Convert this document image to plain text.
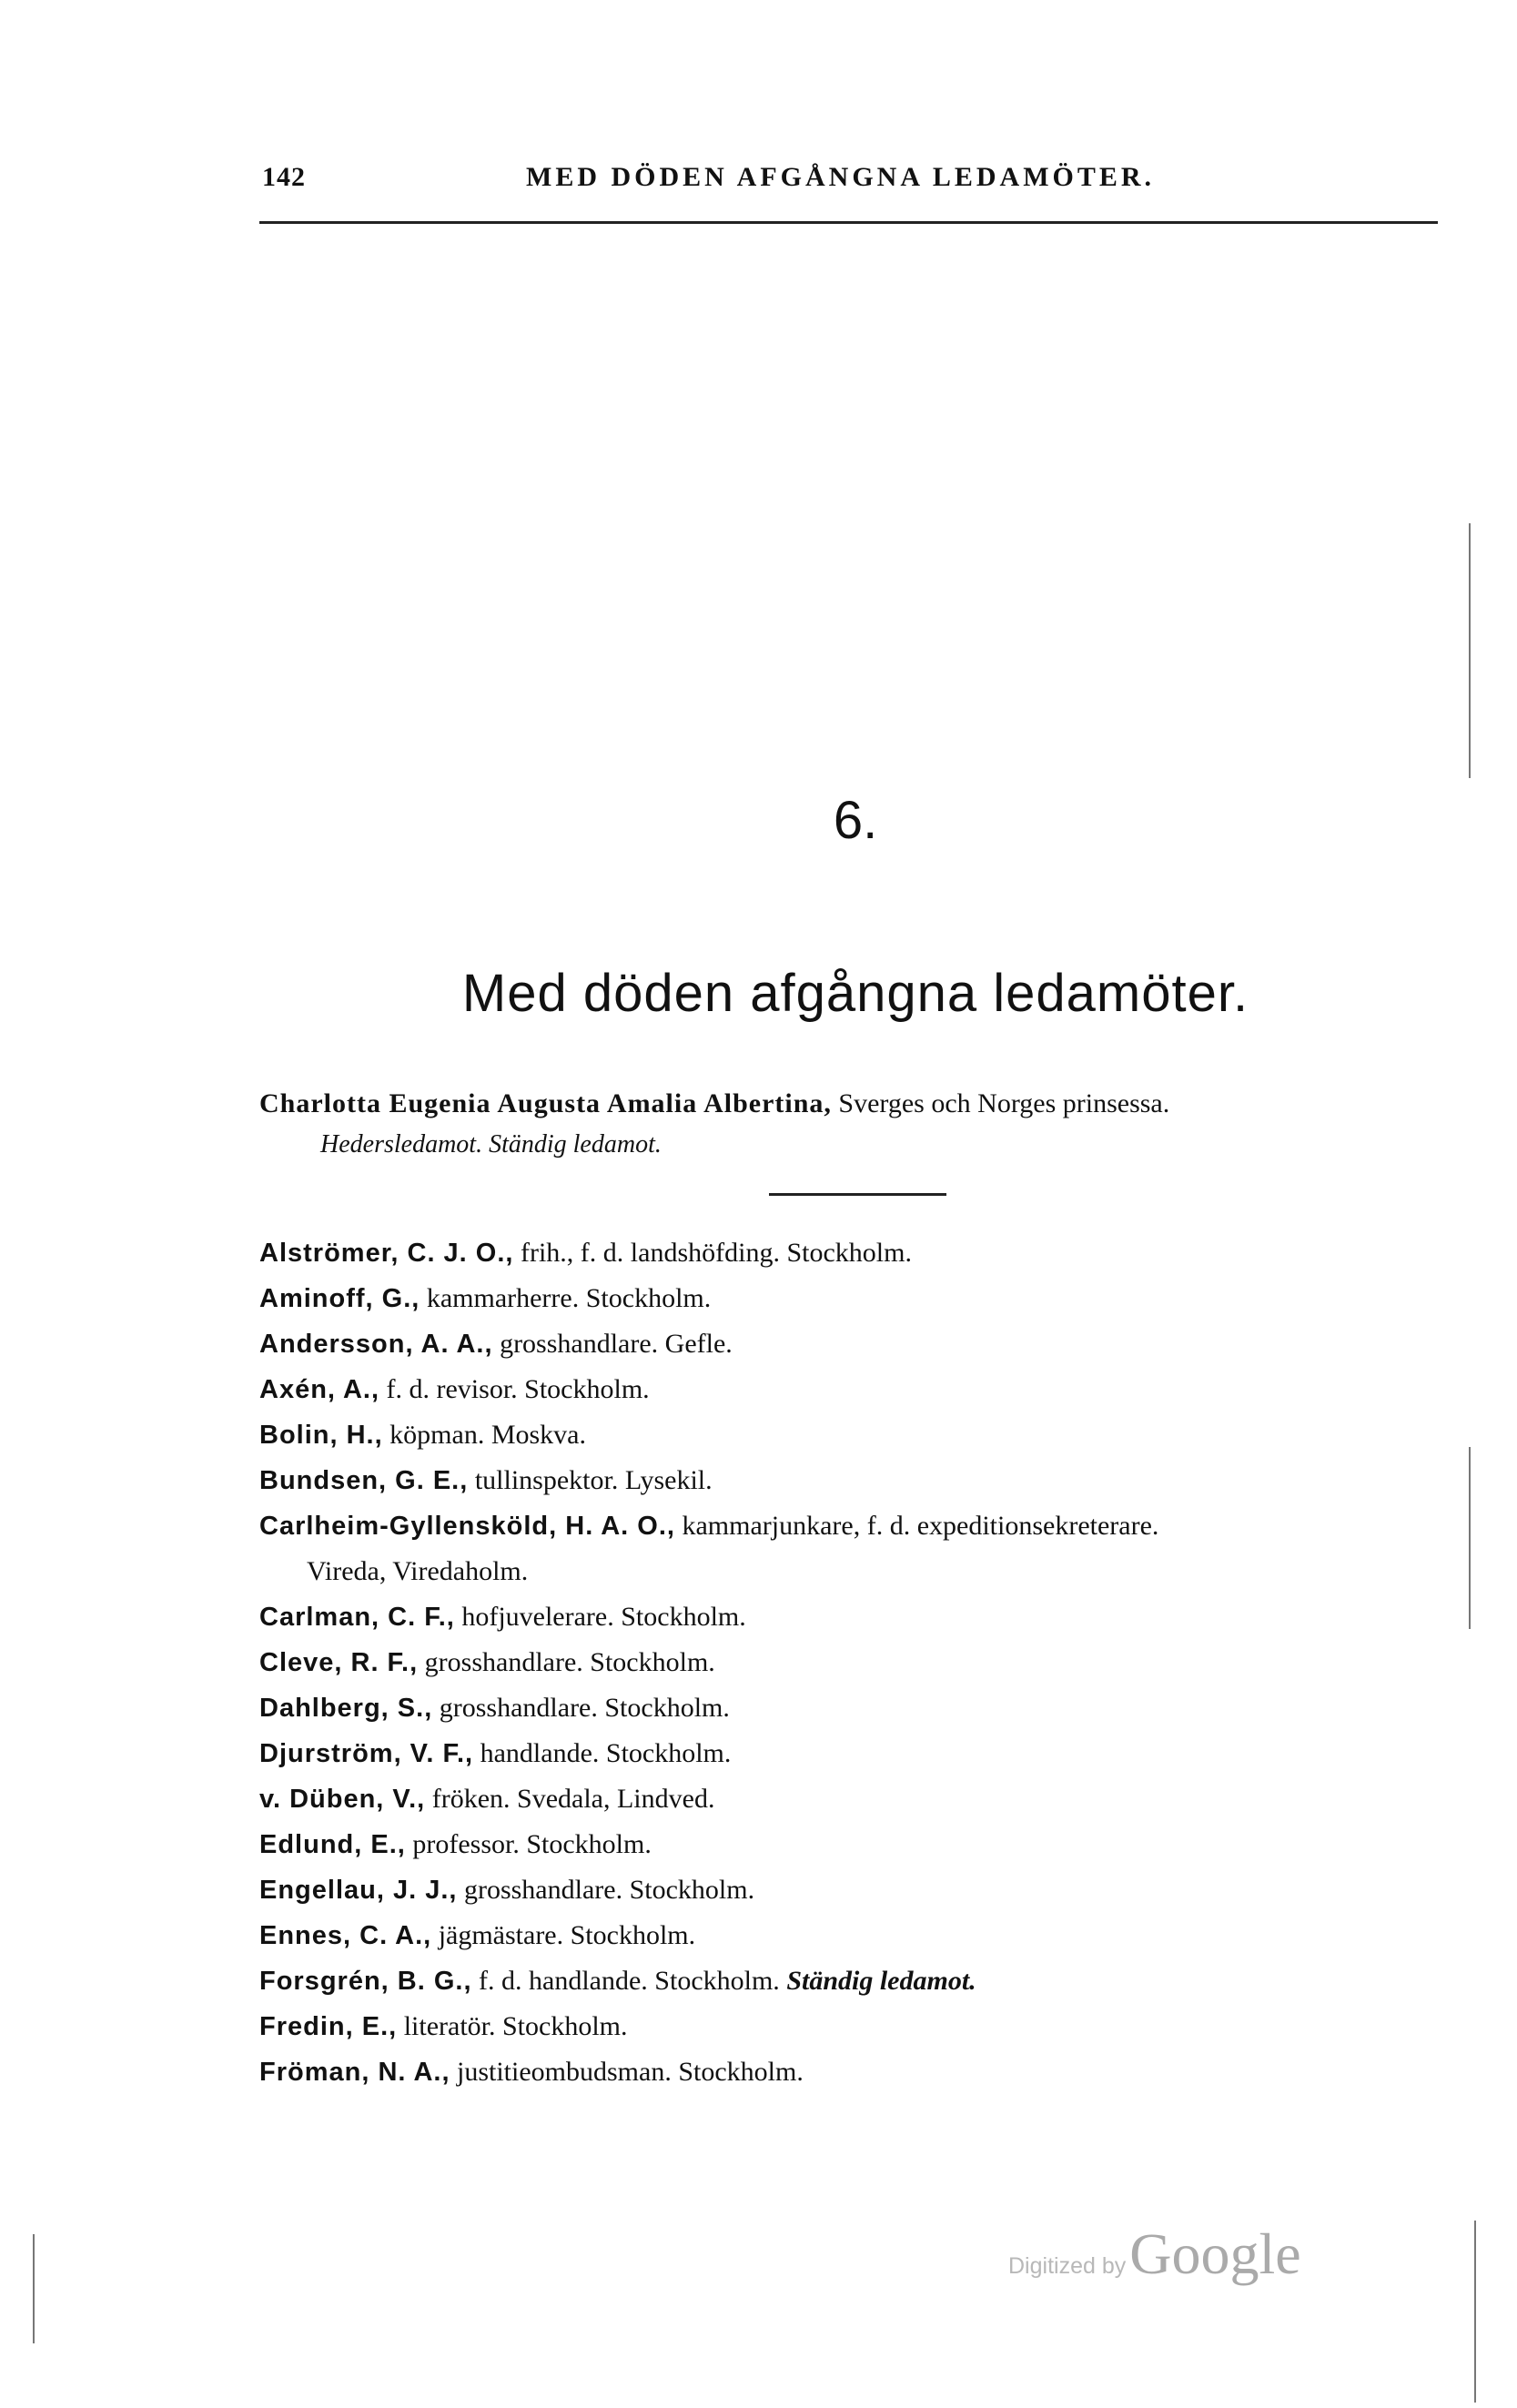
142	MED DÖDEN AFGÅNGNA LEDAMÖTER.
6.
Med döden afgångna ledamöter.
Charlotta Eugenia Augusta Amalia Albertina, Sverges och Norges prinsessa.
Hedersledamot. Ständig ledamot.
Alströmer, C. J. O., frih., f. d. landshöfding. Stockholm.
Aminoff, G., kammarherre. Stockholm.
Andersson, A. A., grosshandlare. Gefle.
Axén, A., f. d. revisor. Stockholm.
Bolin, H., köpman. Moskva.
Bundsen, G. E., tullinspektor. Lysekil.
Carlheim-Gyllensköld, H. A. O., kammarjunkare, f. d. expeditionsekreterare.
Vireda, Viredaholm.
Carlman, C. F., hofjuvelerare. Stockholm.
Cleve, R. F., grosshandlare. Stockholm.
Dahlberg, S., grosshandlare. Stockholm.
Djurström, V. F., handlande. Stockholm.
v. Düben, V., fröken. Svedala, Lindved.
Edlund, E., professor. Stockholm.
Engellau, J. J., grosshandlare. Stockholm.
Ennes, C. A., jägmästare. Stockholm.
Forsgrén, B. G., f. d. handlande. Stockholm. Ständig ledamot.
Fredin, E., literatör. Stockholm.
Fröman, N. A., justitieombudsman. Stockholm.
Digitized by Google
